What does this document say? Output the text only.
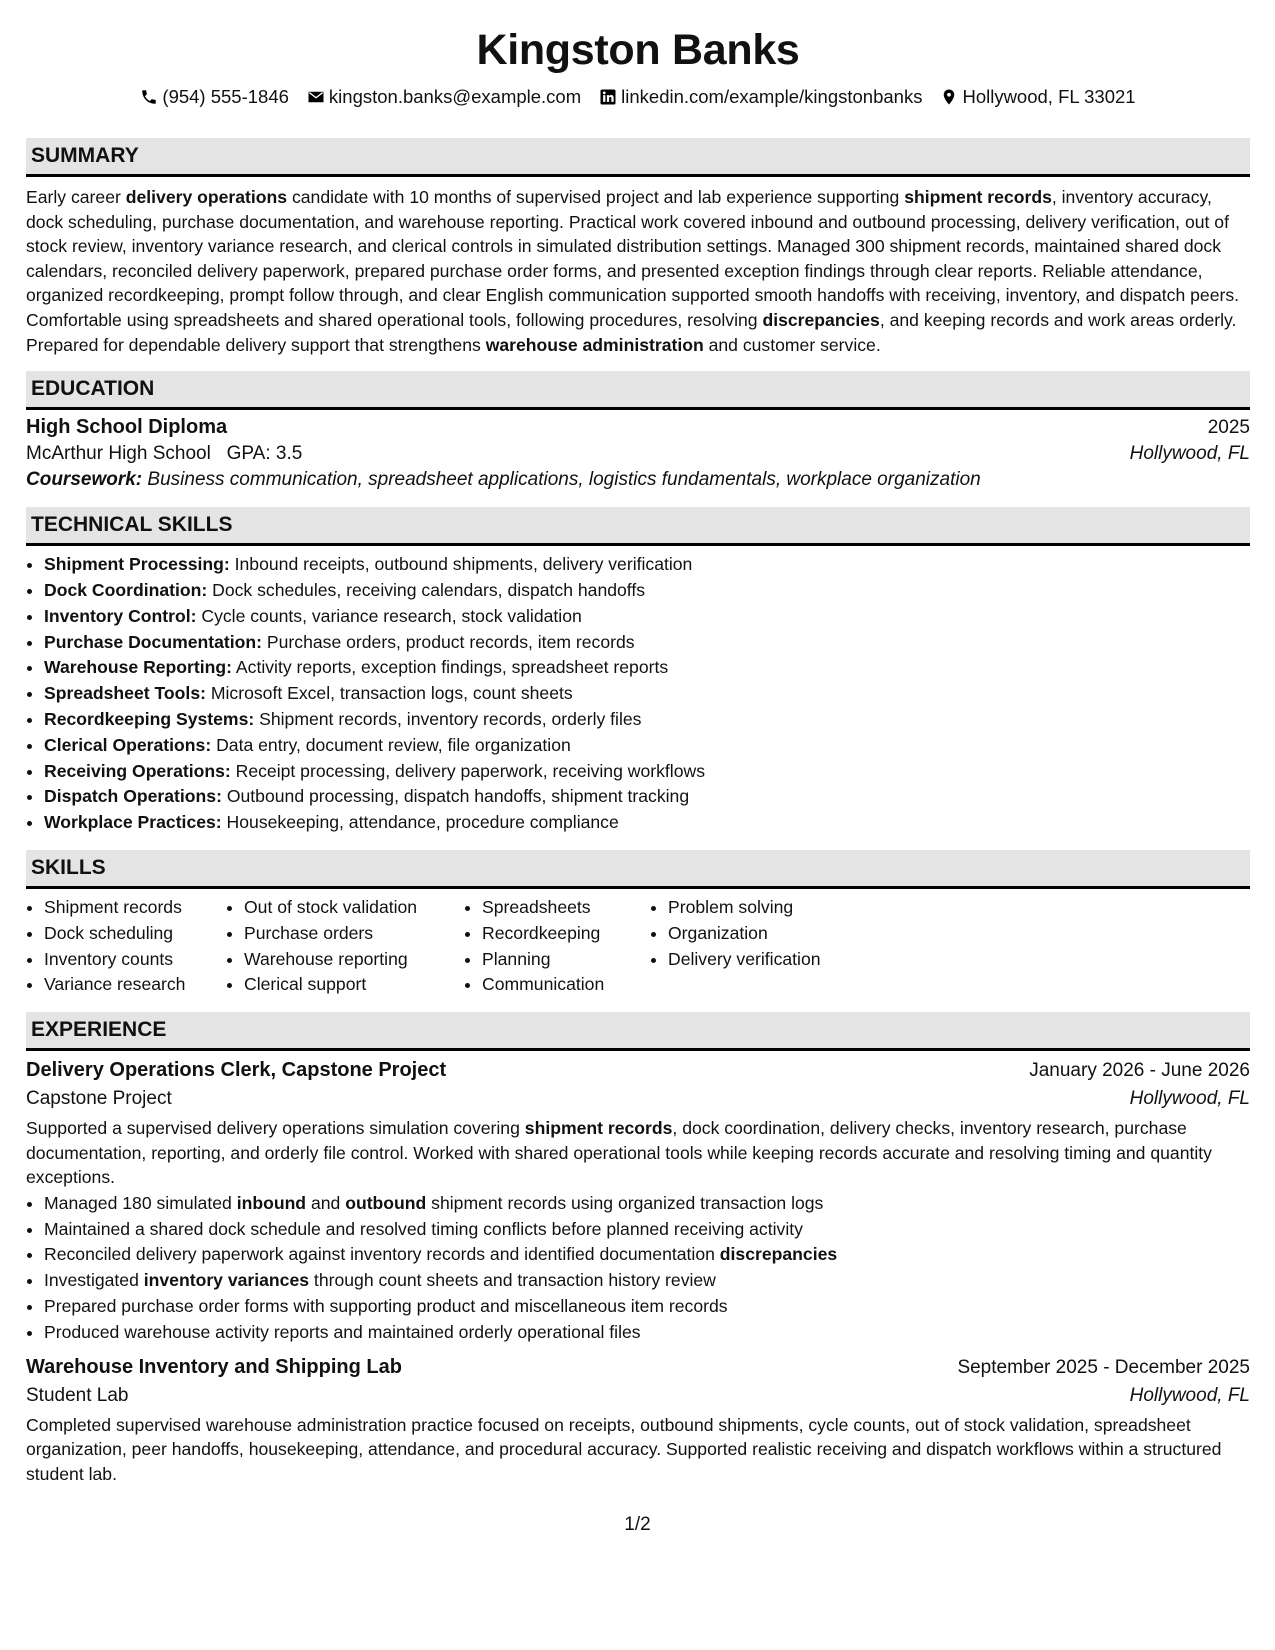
Kingston Banks
(954) 555-1846 kingston.banks@example.com linkedin.com/example/kingstonbanks Hollywood, FL 33021
SUMMARY
Early career delivery operations candidate with 10 months of supervised project and lab experience supporting shipment records, inventory accuracy, dock scheduling, purchase documentation, and warehouse reporting. Practical work covered inbound and outbound processing, delivery verification, out of stock review, inventory variance research, and clerical controls in simulated distribution settings. Managed 300 shipment records, maintained shared dock calendars, reconciled delivery paperwork, prepared purchase order forms, and presented exception findings through clear reports. Reliable attendance, organized recordkeeping, prompt follow through, and clear English communication supported smooth handoffs with receiving, inventory, and dispatch peers. Comfortable using spreadsheets and shared operational tools, following procedures, resolving discrepancies, and keeping records and work areas orderly. Prepared for dependable delivery support that strengthens warehouse administration and customer service.
EDUCATION
High School Diploma	2025
McArthur High School GPA: 3.5	Hollywood, FL
Coursework: Business communication, spreadsheet applications, logistics fundamentals, workplace organization
TECHNICAL SKILLS
• Shipment Processing: Inbound receipts, outbound shipments, delivery verification
• Dock Coordination: Dock schedules, receiving calendars, dispatch handoffs
• Inventory Control: Cycle counts, variance research, stock validation
• Purchase Documentation: Purchase orders, product records, item records
• Warehouse Reporting: Activity reports, exception findings, spreadsheet reports
• Spreadsheet Tools: Microsoft Excel, transaction logs, count sheets
• Recordkeeping Systems: Shipment records, inventory records, orderly files
• Clerical Operations: Data entry, document review, file organization
• Receiving Operations: Receipt processing, delivery paperwork, receiving workflows
• Dispatch Operations: Outbound processing, dispatch handoffs, shipment tracking
• Workplace Practices: Housekeeping, attendance, procedure compliance
SKILLS
• Shipment records
• Dock scheduling
• Inventory counts
• Variance research
• Out of stock validation
• Purchase orders
• Warehouse reporting
• Clerical support
• Spreadsheets
• Recordkeeping
• Planning
• Communication
• Problem solving
• Organization
• Delivery verification
EXPERIENCE
Delivery Operations Clerk, Capstone Project	January 2026 - June 2026
Capstone Project	Hollywood, FL
Supported a supervised delivery operations simulation covering shipment records, dock coordination, delivery checks, inventory research, purchase documentation, reporting, and orderly file control. Worked with shared operational tools while keeping records accurate and resolving timing and quantity exceptions.
• Managed 180 simulated inbound and outbound shipment records using organized transaction logs
• Maintained a shared dock schedule and resolved timing conflicts before planned receiving activity
• Reconciled delivery paperwork against inventory records and identified documentation discrepancies
• Investigated inventory variances through count sheets and transaction history review
• Prepared purchase order forms with supporting product and miscellaneous item records
• Produced warehouse activity reports and maintained orderly operational files
Warehouse Inventory and Shipping Lab	September 2025 - December 2025
Student Lab	Hollywood, FL
Completed supervised warehouse administration practice focused on receipts, outbound shipments, cycle counts, out of stock validation, spreadsheet organization, peer handoffs, housekeeping, attendance, and procedural accuracy. Supported realistic receiving and dispatch workflows within a structured student lab.
1/2
